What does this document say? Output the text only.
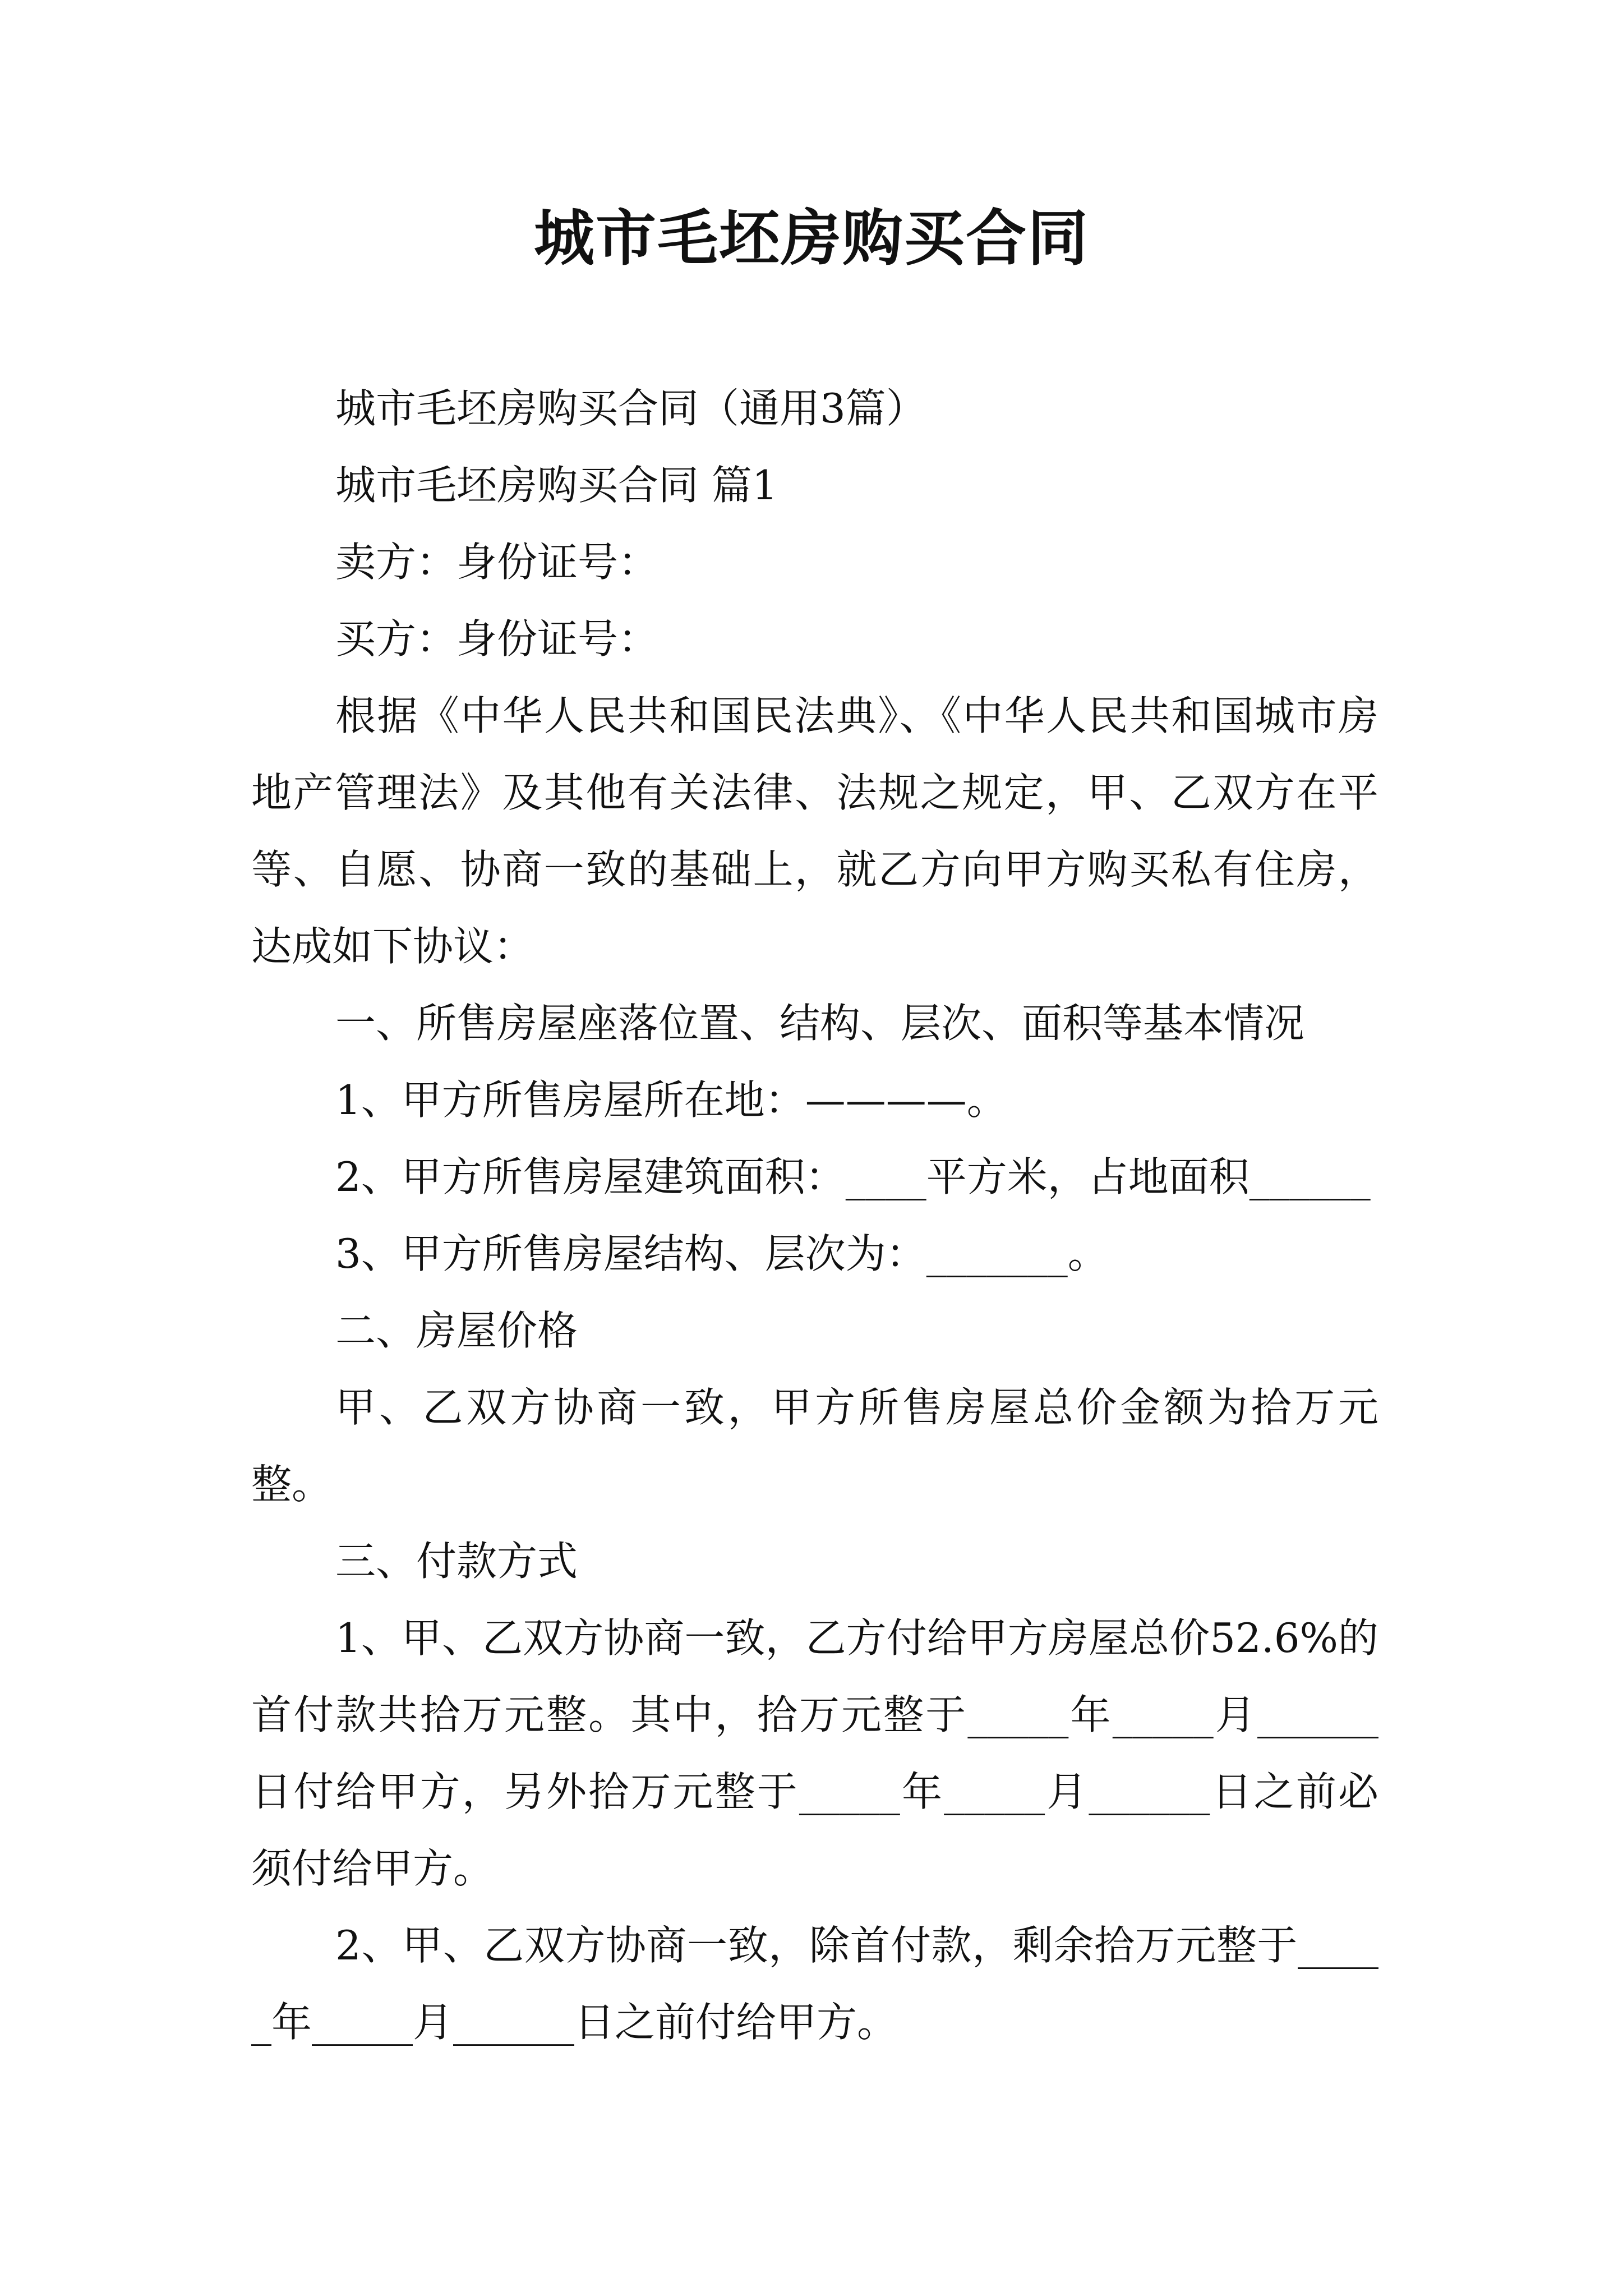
城市毛坯房购买合同

城市毛坯房购买合同（通用3篇）

城市毛坯房购买合同 篇1

卖方：身份证号：

买方：身份证号：

根据《中华人民共和国民法典》、《中华人民共和国城市房地产管理法》及其他有关法律、法规之规定，甲、乙双方在平等、自愿、协商一致的基础上，就乙方向甲方购买私有住房，达成如下协议：

一、所售房屋座落位置、结构、层次、面积等基本情况

1、甲方所售房屋所在地：————。

2、甲方所售房屋建筑面积：____平方米，占地面积______

3、甲方所售房屋结构、层次为：_______。

二、房屋价格

甲、乙双方协商一致，甲方所售房屋总价金额为拾万元整。

三、付款方式

1、甲、乙双方协商一致，乙方付给甲方房屋总价52.6%的首付款共拾万元整。其中，拾万元整于_____年_____月______日付给甲方，另外拾万元整于_____年_____月______日之前必须付给甲方。

2、甲、乙双方协商一致，除首付款，剩余拾万元整于_____年_____月______日之前付给甲方。
